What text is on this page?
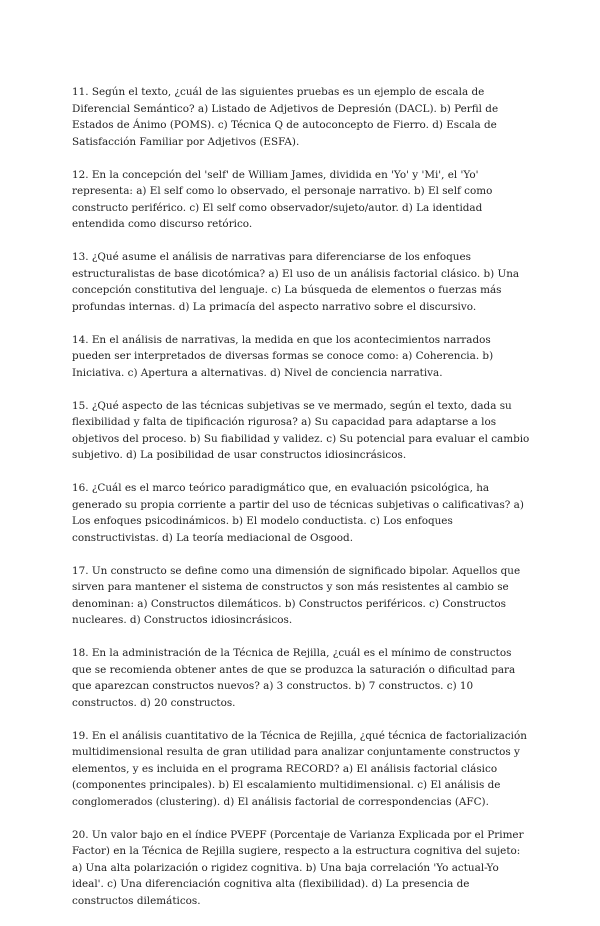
11. Según el texto, ¿cuál de las siguientes pruebas es un ejemplo de escala de Diferencial Semántico? a) Listado de Adjetivos de Depresión (DACL). b) Perfil de Estados de Ánimo (POMS). c) Técnica Q de autoconcepto de Fierro. d) Escala de Satisfacción Familiar por Adjetivos (ESFA).

12. En la concepción del 'self' de William James, dividida en 'Yo' y 'Mi', el 'Yo' representa: a) El self como lo observado, el personaje narrativo. b) El self como constructo periférico. c) El self como observador/sujeto/autor. d) La identidad entendida como discurso retórico.

13. ¿Qué asume el análisis de narrativas para diferenciarse de los enfoques estructuralistas de base dicotómica? a) El uso de un análisis factorial clásico. b) Una concepción constitutiva del lenguaje. c) La búsqueda de elementos o fuerzas más profundas internas. d) La primacía del aspecto narrativo sobre el discursivo.

14. En el análisis de narrativas, la medida en que los acontecimientos narrados pueden ser interpretados de diversas formas se conoce como: a) Coherencia. b) Iniciativa. c) Apertura a alternativas. d) Nivel de conciencia narrativa.

15. ¿Qué aspecto de las técnicas subjetivas se ve mermado, según el texto, dada su flexibilidad y falta de tipificación rigurosa? a) Su capacidad para adaptarse a los objetivos del proceso. b) Su fiabilidad y validez. c) Su potencial para evaluar el cambio subjetivo. d) La posibilidad de usar constructos idiosincrásicos.

16. ¿Cuál es el marco teórico paradigmático que, en evaluación psicológica, ha generado su propia corriente a partir del uso de técnicas subjetivas o calificativas? a) Los enfoques psicodinámicos. b) El modelo conductista. c) Los enfoques constructivistas. d) La teoría mediacional de Osgood.

17. Un constructo se define como una dimensión de significado bipolar. Aquellos que sirven para mantener el sistema de constructos y son más resistentes al cambio se denominan: a) Constructos dilemáticos. b) Constructos periféricos. c) Constructos nucleares. d) Constructos idiosincrásicos.

18. En la administración de la Técnica de Rejilla, ¿cuál es el mínimo de constructos que se recomienda obtener antes de que se produzca la saturación o dificultad para que aparezcan constructos nuevos? a) 3 constructos. b) 7 constructos. c) 10 constructos. d) 20 constructos.

19. En el análisis cuantitativo de la Técnica de Rejilla, ¿qué técnica de factorialización multidimensional resulta de gran utilidad para analizar conjuntamente constructos y elementos, y es incluida en el programa RECORD? a) El análisis factorial clásico (componentes principales). b) El escalamiento multidimensional. c) El análisis de conglomerados (clustering). d) El análisis factorial de correspondencias (AFC).

20. Un valor bajo en el índice PVEPF (Porcentaje de Varianza Explicada por el Primer Factor) en la Técnica de Rejilla sugiere, respecto a la estructura cognitiva del sujeto: a) Una alta polarización o rigidez cognitiva. b) Una baja correlación 'Yo actual-Yo ideal'. c) Una diferenciación cognitiva alta (flexibilidad). d) La presencia de constructos dilemáticos.
